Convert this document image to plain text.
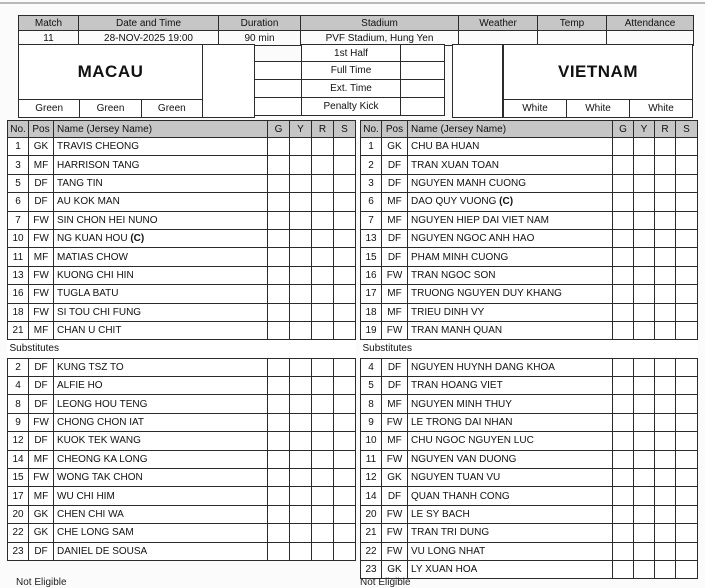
Match	Date and Time	Duration	Stadium	Weather	Temp	Attendance
11	28-NOV-2025 19:00	90 min	PVF Stadium, Hung Yen			
MACAU
Green	Green	Green
1st Half
Full Time
Ext. Time
Penalty Kick
VIETNAM
White	White	White
No.	Pos	Name (Jersey Name)	G	Y	R	S
1	GK	TRAVIS CHEONG				
3	MF	HARRISON TANG				
5	DF	TANG TIN				
6	DF	AU KOK MAN				
7	FW	SIN CHON HEI NUNO				
10	FW	NG KUAN HOU (C)				
11	MF	MATIAS CHOW				
13	FW	KUONG CHI HIN				
16	FW	TUGLA BATU				
18	FW	SI TOU CHI FUNG				
21	MF	CHAN U CHIT				
Substitutes						
2	DF	KUNG TSZ TO				
4	DF	ALFIE HO				
8	DF	LEONG HOU TENG				
9	FW	CHONG CHON IAT				
12	DF	KUOK TEK WANG				
14	MF	CHEONG KA LONG				
15	FW	WONG TAK CHON				
17	MF	WU CHI HIM				
20	GK	CHEN CHI WA				
22	GK	CHE LONG SAM				
23	DF	DANIEL DE SOUSA				
No.	Pos	Name (Jersey Name)	G	Y	R	S
1	GK	CHU BA HUAN				
2	DF	TRAN XUAN TOAN				
3	DF	NGUYEN MANH CUONG				
6	MF	DAO QUY VUONG (C)				
7	MF	NGUYEN HIEP DAI VIET NAM				
13	DF	NGUYEN NGOC ANH HAO				
15	DF	PHAM MINH CUONG				
16	FW	TRAN NGOC SON				
17	MF	TRUONG NGUYEN DUY KHANG				
18	MF	TRIEU DINH VY				
19	FW	TRAN MANH QUAN				
Substitutes						
4	DF	NGUYEN HUYNH DANG KHOA				
5	DF	TRAN HOANG VIET				
8	MF	NGUYEN MINH THUY				
9	FW	LE TRONG DAI NHAN				
10	MF	CHU NGOC NGUYEN LUC				
11	FW	NGUYEN VAN DUONG				
12	GK	NGUYEN TUAN VU				
14	DF	QUAN THANH CONG				
20	FW	LE SY BACH				
21	FW	TRAN TRI DUNG				
22	FW	VU LONG NHAT				
23	GK	LY XUAN HOA				
Not Eligible	Not Eligible
